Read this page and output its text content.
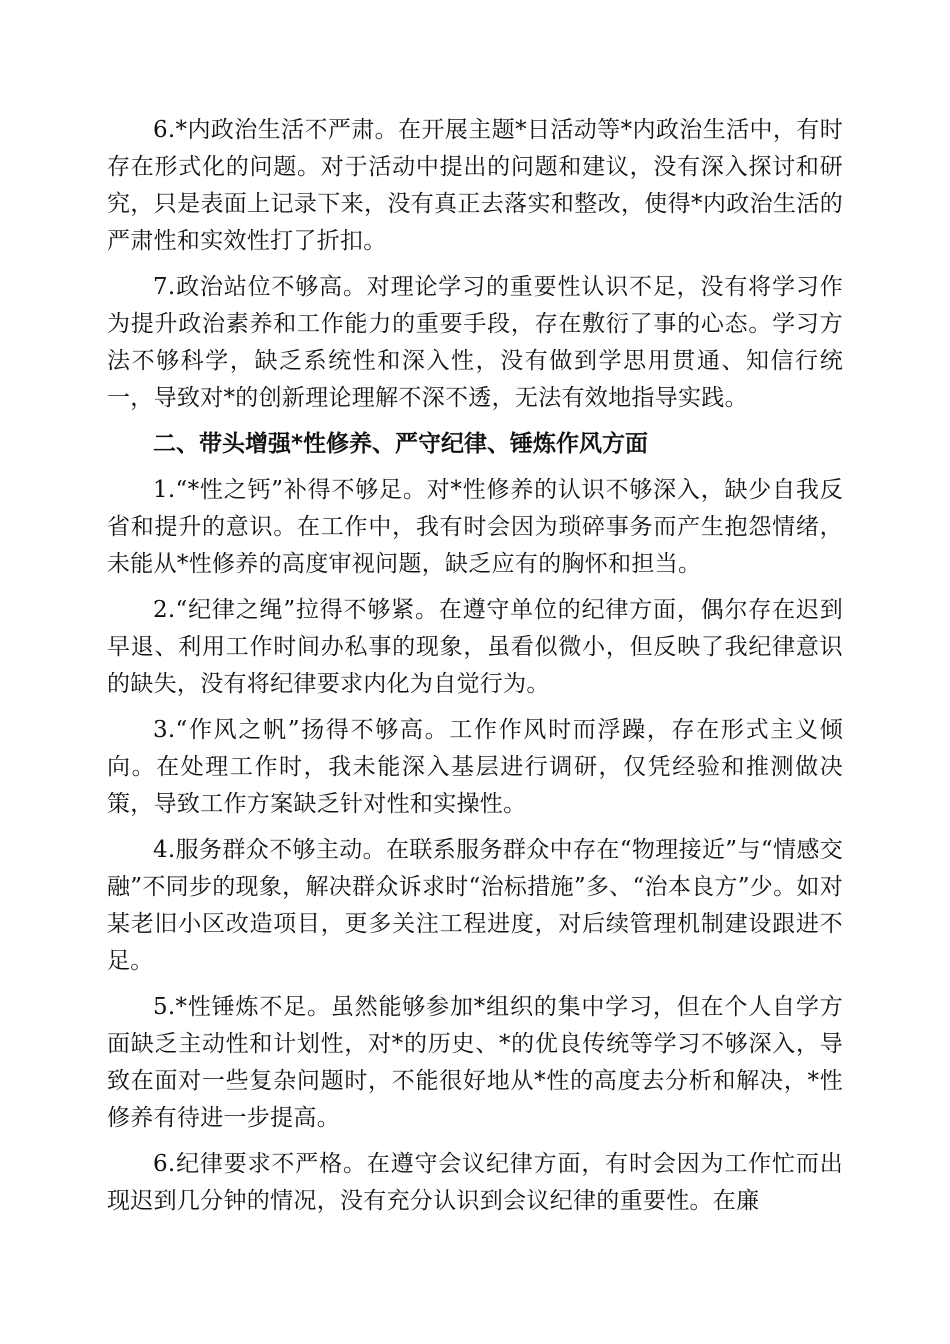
6.*内政治生活不严肃。在开展主题*日活动等*内政治生活中，有时存在形式化的问题。对于活动中提出的问题和建议，没有深入探讨和研究，只是表面上记录下来，没有真正去落实和整改，使得*内政治生活的严肃性和实效性打了折扣。

7.政治站位不够高。对理论学习的重要性认识不足，没有将学习作为提升政治素养和工作能力的重要手段，存在敷衍了事的心态。学习方法不够科学，缺乏系统性和深入性，没有做到学思用贯通、知信行统一，导致对*的创新理论理解不深不透，无法有效地指导实践。

二、带头增强*性修养、严守纪律、锤炼作风方面

1.“*性之钙”补得不够足。对*性修养的认识不够深入，缺少自我反省和提升的意识。在工作中，我有时会因为琐碎事务而产生抱怨情绪，未能从*性修养的高度审视问题，缺乏应有的胸怀和担当。

2.“纪律之绳”拉得不够紧。在遵守单位的纪律方面，偶尔存在迟到早退、利用工作时间办私事的现象，虽看似微小，但反映了我纪律意识的缺失，没有将纪律要求内化为自觉行为。

3.“作风之帆”扬得不够高。工作作风时而浮躁，存在形式主义倾向。在处理工作时，我未能深入基层进行调研，仅凭经验和推测做决策，导致工作方案缺乏针对性和实操性。

4.服务群众不够主动。在联系服务群众中存在“物理接近”与“情感交融”不同步的现象，解决群众诉求时“治标措施”多、“治本良方”少。如对某老旧小区改造项目，更多关注工程进度，对后续管理机制建设跟进不足。

5.*性锤炼不足。虽然能够参加*组织的集中学习，但在个人自学方面缺乏主动性和计划性，对*的历史、*的优良传统等学习不够深入，导致在面对一些复杂问题时，不能很好地从*性的高度去分析和解决，*性修养有待进一步提高。

6.纪律要求不严格。在遵守会议纪律方面，有时会因为工作忙而出现迟到几分钟的情况，没有充分认识到会议纪律的重要性。在廉
